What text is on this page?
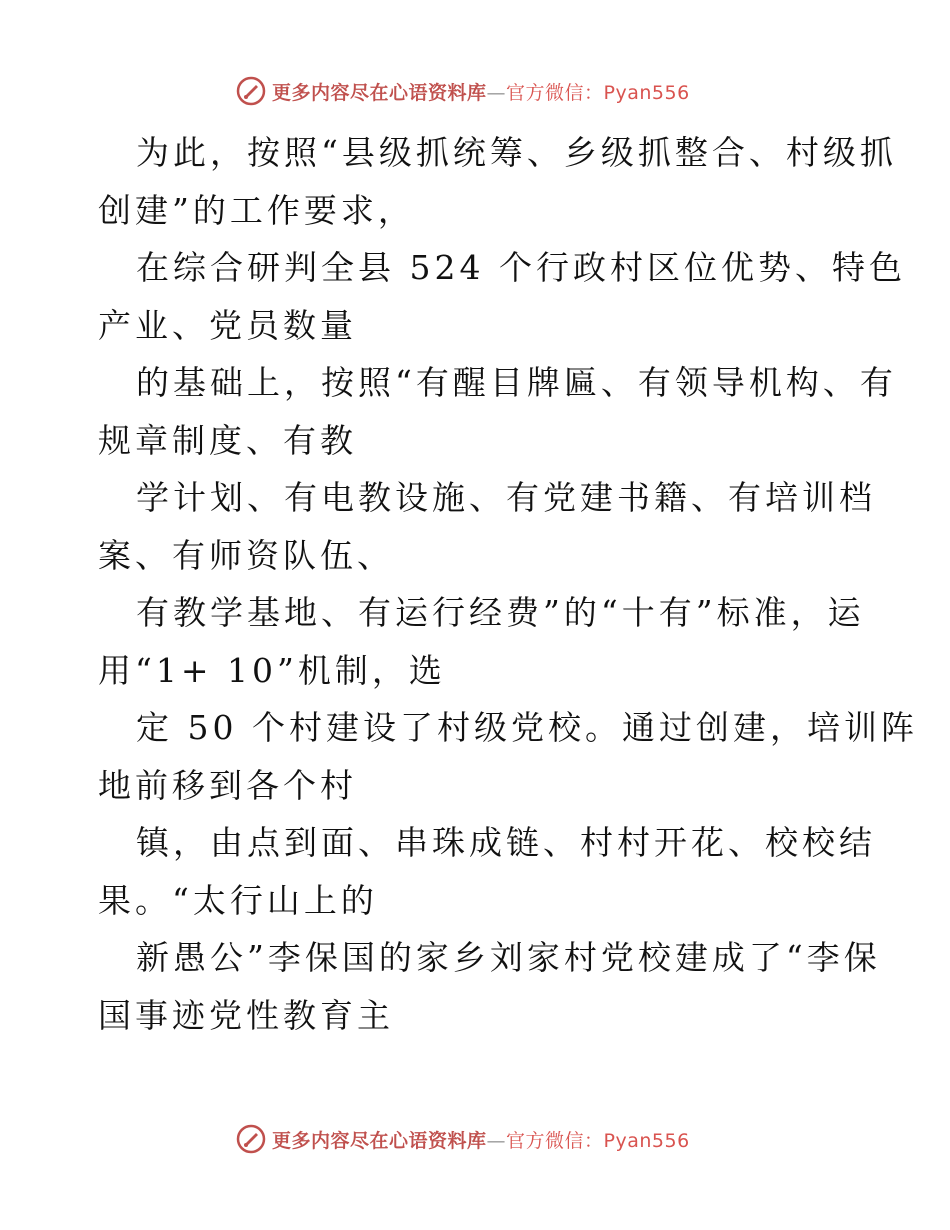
更多内容尽在心语资料库—官方微信：Pyan556
为此，按照“县级抓统筹、乡级抓整合、村级抓
创建”的工作要求，
在综合研判全县 524 个行政村区位优势、特色
产业、党员数量
的基础上，按照“有醒目牌匾、有领导机构、有
规章制度、有教
学计划、有电教设施、有党建书籍、有培训档
案、有师资队伍、
有教学基地、有运行经费”的“十有”标准，运
用“1+ 10”机制，选
定 50 个村建设了村级党校。通过创建，培训阵
地前移到各个村
镇，由点到面、串珠成链、村村开花、校校结
果。“太行山上的
新愚公”李保国的家乡刘家村党校建成了“李保
国事迹党性教育主
更多内容尽在心语资料库—官方微信：Pyan556
